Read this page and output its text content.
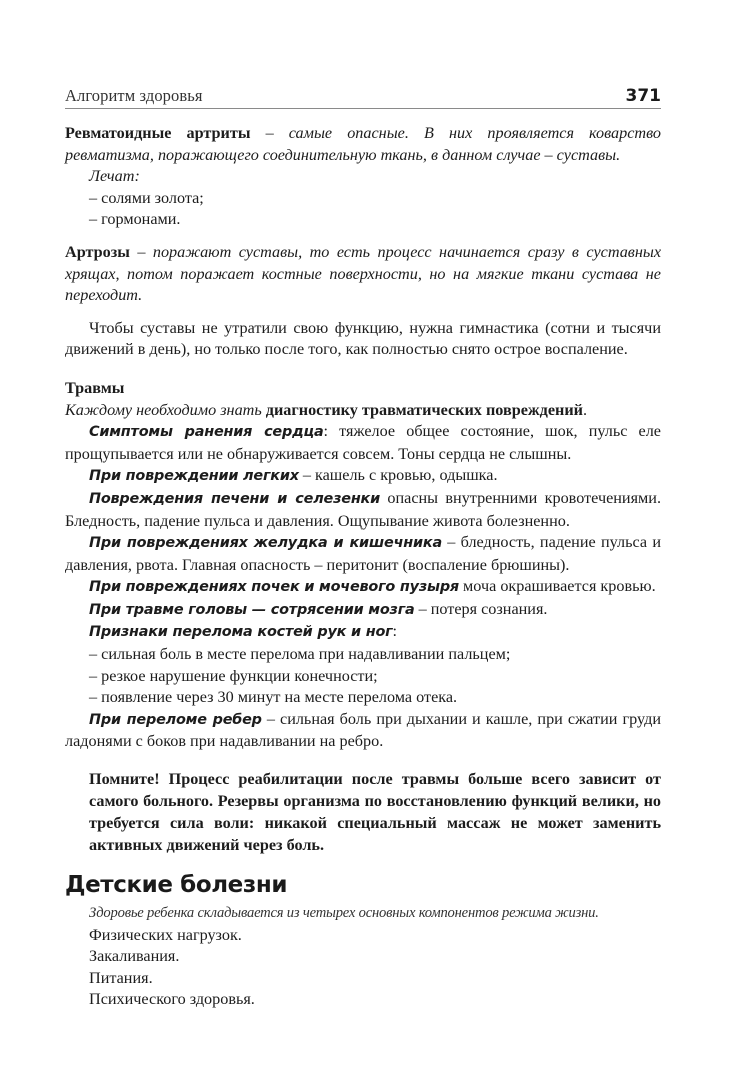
Алгоритм здоровья	371

Ревматоидные артриты – самые опасные. В них проявляется коварство ревматизма, поражающего соединительную ткань, в данном случае – суставы.

Лечат:

– солями золота;

– гормонами.

Артрозы – поражают суставы, то есть процесс начинается сразу в суставных хрящах, потом поражает костные поверхности, но на мягкие ткани сустава не переходит.

Чтобы суставы не утратили свою функцию, нужна гимнастика (сотни и тысячи движений в день), но только после того, как полностью снято острое воспаление.

Травмы

Каждому необходимо знать диагностику травматических повреждений.

Симптомы ранения сердца: тяжелое общее состояние, шок, пульс еле прощупывается или не обнаруживается совсем. Тоны сердца не слышны.

При повреждении легких – кашель с кровью, одышка.

Повреждения печени и селезенки опасны внутренними кровотечениями. Бледность, падение пульса и давления. Ощупывание живота болезненно.

При повреждениях желудка и кишечника – бледность, падение пульса и давления, рвота. Главная опасность – перитонит (воспаление брюшины).

При повреждениях почек и мочевого пузыря моча окрашивается кровью.

При травме головы — сотрясении мозга – потеря сознания.

Признаки перелома костей рук и ног:

– сильная боль в месте перелома при надавливании пальцем;

– резкое нарушение функции конечности;

– появление через 30 минут на месте перелома отека.

При переломе ребер – сильная боль при дыхании и кашле, при сжатии груди ладонями с боков при надавливании на ребро.

Помните! Процесс реабилитации после травмы больше всего зависит от самого больного. Резервы организма по восстановлению функций велики, но требуется сила воли: никакой специальный массаж не может заменить активных движений через боль.

Детские болезни

Здоровье ребенка складывается из четырех основных компонентов режима жизни.

Физических нагрузок.

Закаливания.

Питания.

Психического здоровья.
